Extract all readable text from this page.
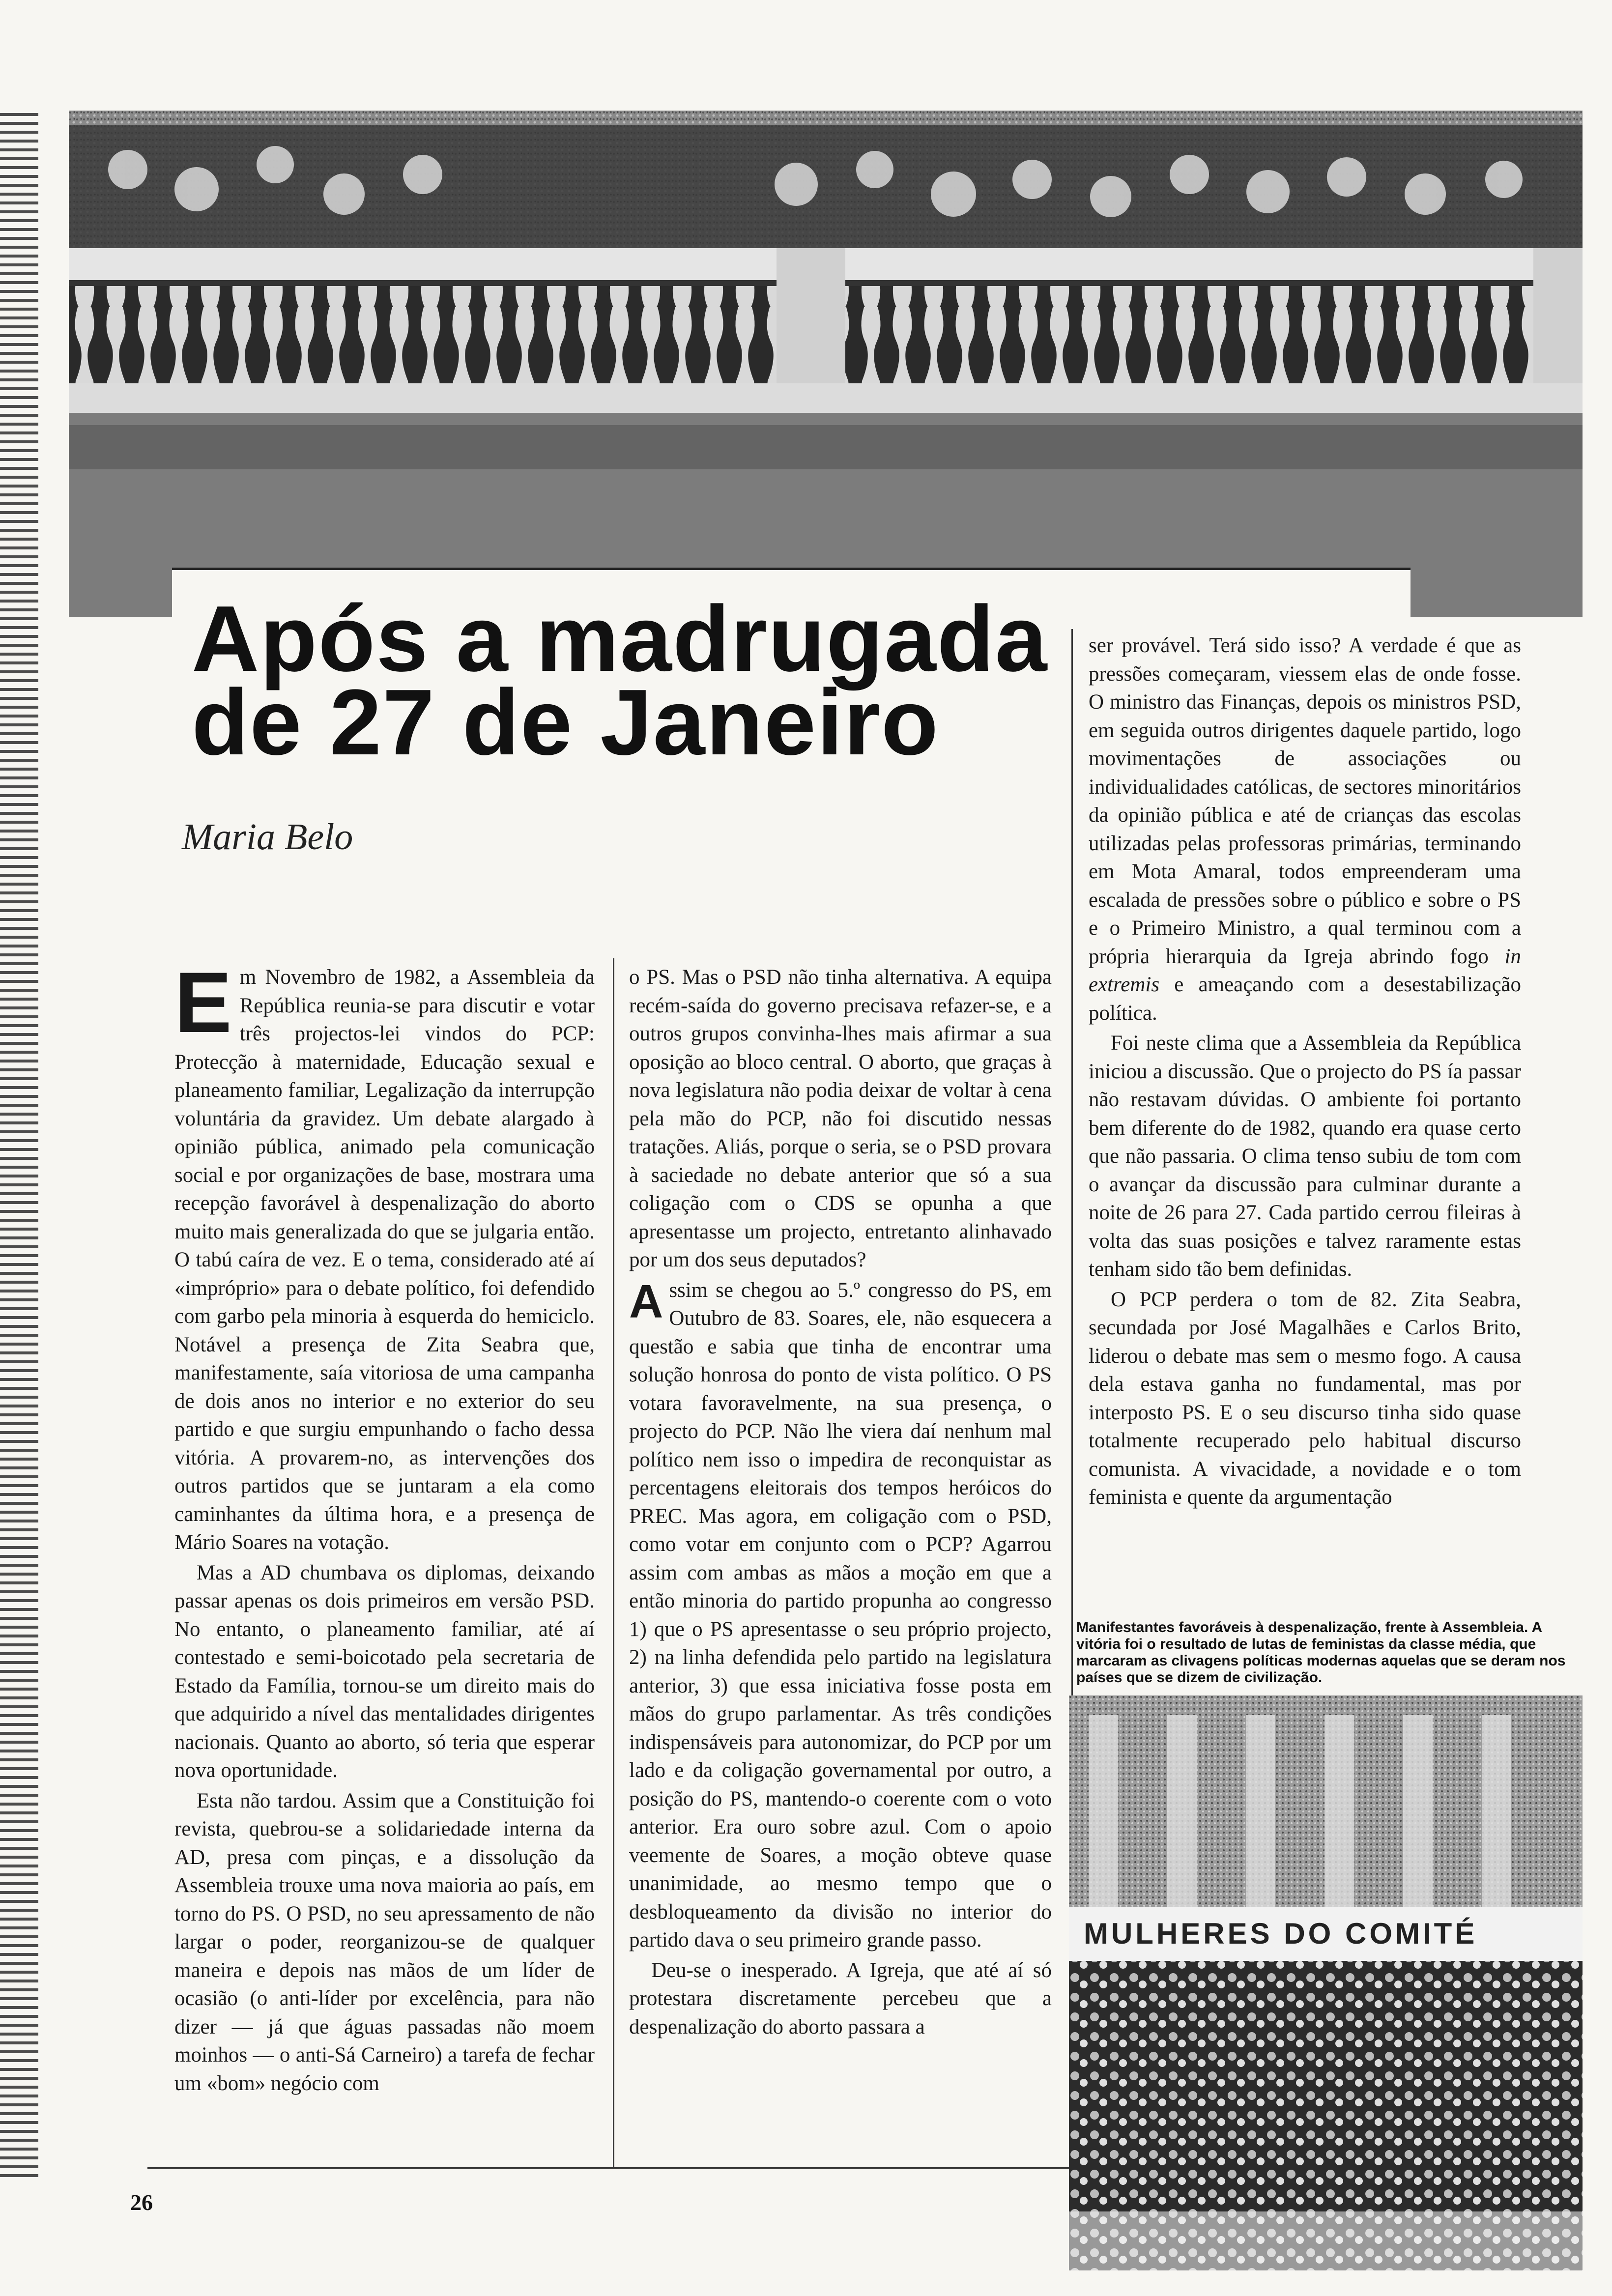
Após a madrugada de 27 de Janeiro

Maria Belo

Em Novembro de 1982, a Assembleia da República reunia-se para discutir e votar três projectos-lei vindos do PCP: Protecção à maternidade, Educação sexual e planeamento familiar, Legalização da interrupção voluntária da gravidez. Um debate alargado à opinião pública, animado pela comunicação social e por organizações de base, mostrara uma recepção favorável à despenalização do aborto muito mais generalizada do que se julgaria então. O tabú caíra de vez. E o tema, considerado até aí «impróprio» para o debate político, foi defendido com garbo pela minoria à esquerda do hemiciclo. Notável a presença de Zita Seabra que, manifestamente, saía vitoriosa de uma campanha de dois anos no interior e no exterior do seu partido e que surgiu empunhando o facho dessa vitória. A provarem-no, as intervenções dos outros partidos que se juntaram a ela como caminhantes da última hora, e a presença de Mário Soares na votação.

Mas a AD chumbava os diplomas, deixando passar apenas os dois primeiros em versão PSD. No entanto, o planeamento familiar, até aí contestado e semi-boicotado pela secretaria de Estado da Família, tornou-se um direito mais do que adquirido a nível das mentalidades dirigentes nacionais. Quanto ao aborto, só teria que esperar nova oportunidade.

Esta não tardou. Assim que a Constituição foi revista, quebrou-se a solidariedade interna da AD, presa com pinças, e a dissolução da Assembleia trouxe uma nova maioria ao país, em torno do PS. O PSD, no seu apressamento de não largar o poder, reorganizou-se de qualquer maneira e depois nas mãos de um líder de ocasião (o anti-líder por excelência, para não dizer — já que águas passadas não moem moinhos — o anti-Sá Carneiro) a tarefa de fechar um «bom» negócio com

o PS. Mas o PSD não tinha alternativa. A equipa recém-saída do governo precisava refazer-se, e a outros grupos convinha-lhes mais afirmar a sua oposição ao bloco central. O aborto, que graças à nova legislatura não podia deixar de voltar à cena pela mão do PCP, não foi discutido nessas tratações. Aliás, porque o seria, se o PSD provara à saciedade no debate anterior que só a sua coligação com o CDS se opunha a que apresentasse um projecto, entretanto alinhavado por um dos seus deputados?

Assim se chegou ao 5.º congresso do PS, em Outubro de 83. Soares, ele, não esquecera a questão e sabia que tinha de encontrar uma solução honrosa do ponto de vista político. O PS votara favoravelmente, na sua presença, o projecto do PCP. Não lhe viera daí nenhum mal político nem isso o impedira de reconquistar as percentagens eleitorais dos tempos heróicos do PREC. Mas agora, em coligação com o PSD, como votar em conjunto com o PCP? Agarrou assim com ambas as mãos a moção em que a então minoria do partido propunha ao congresso 1) que o PS apresentasse o seu próprio projecto, 2) na linha defendida pelo partido na legislatura anterior, 3) que essa iniciativa fosse posta em mãos do grupo parlamentar. As três condições indispensáveis para autonomizar, do PCP por um lado e da coligação governamental por outro, a posição do PS, mantendo-o coerente com o voto anterior. Era ouro sobre azul. Com o apoio veemente de Soares, a moção obteve quase unanimidade, ao mesmo tempo que o desbloqueamento da divisão no interior do partido dava o seu primeiro grande passo.

Deu-se o inesperado. A Igreja, que até aí só protestara discretamente percebeu que a despenalização do aborto passara a

ser provável. Terá sido isso? A verdade é que as pressões começaram, viessem elas de onde fosse. O ministro das Finanças, depois os ministros PSD, em seguida outros dirigentes daquele partido, logo movimentações de associações ou individualidades católicas, de sectores minoritários da opinião pública e até de crianças das escolas utilizadas pelas professoras primárias, terminando em Mota Amaral, todos empreenderam uma escalada de pressões sobre o público e sobre o PS e o Primeiro Ministro, a qual terminou com a própria hierarquia da Igreja abrindo fogo in extremis e ameaçando com a desestabilização política.

Foi neste clima que a Assembleia da República iniciou a discussão. Que o projecto do PS ía passar não restavam dúvidas. O ambiente foi portanto bem diferente do de 1982, quando era quase certo que não passaria. O clima tenso subiu de tom com o avançar da discussão para culminar durante a noite de 26 para 27. Cada partido cerrou fileiras à volta das suas posições e talvez raramente estas tenham sido tão bem definidas.

O PCP perdera o tom de 82. Zita Seabra, secundada por José Magalhães e Carlos Brito, liderou o debate mas sem o mesmo fogo. A causa dela estava ganha no fundamental, mas por interposto PS. E o seu discurso tinha sido quase totalmente recuperado pelo habitual discurso comunista. A vivacidade, a novidade e o tom feminista e quente da argumentação

Manifestantes favoráveis à despenalização, frente à Assembleia. A vitória foi o resultado de lutas de feministas da classe média, que marcaram as clivagens políticas modernas aquelas que se deram nos países que se dizem de civilização.

MULHERES DO COMITÉ

26
